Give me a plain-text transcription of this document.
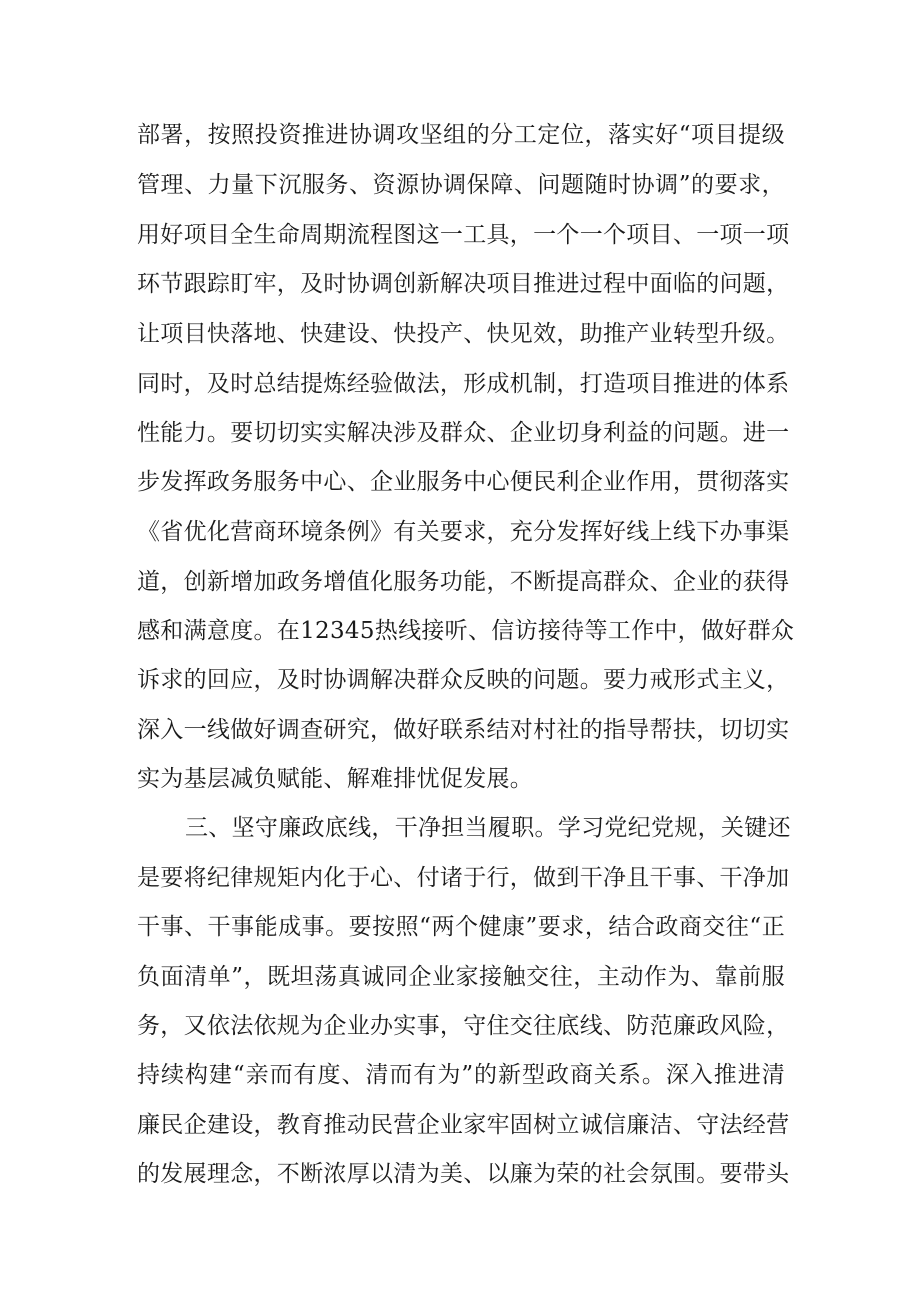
部署，按照投资推进协调攻坚组的分工定位，落实好“项目提级
管理、力量下沉服务、资源协调保障、问题随时协调”的要求，
用好项目全生命周期流程图这一工具，一个一个项目、一项一项
环节跟踪盯牢，及时协调创新解决项目推进过程中面临的问题，
让项目快落地、快建设、快投产、快见效，助推产业转型升级。
同时，及时总结提炼经验做法，形成机制，打造项目推进的体系
性能力。要切切实实解决涉及群众、企业切身利益的问题。进一
步发挥政务服务中心、企业服务中心便民利企业作用，贯彻落实
《省优化营商环境条例》有关要求，充分发挥好线上线下办事渠
道，创新增加政务增值化服务功能，不断提高群众、企业的获得
感和满意度。在12345热线接听、信访接待等工作中，做好群众
诉求的回应，及时协调解决群众反映的问题。要力戒形式主义，
深入一线做好调查研究，做好联系结对村社的指导帮扶，切切实
实为基层减负赋能、解难排忧促发展。
三、坚守廉政底线，干净担当履职。学习党纪党规，关键还
是要将纪律规矩内化于心、付诸于行，做到干净且干事、干净加
干事、干事能成事。要按照“两个健康”要求，结合政商交往“正
负面清单”，既坦荡真诚同企业家接触交往，主动作为、靠前服
务，又依法依规为企业办实事，守住交往底线、防范廉政风险，
持续构建“亲而有度、清而有为”的新型政商关系。深入推进清
廉民企建设，教育推动民营企业家牢固树立诚信廉洁、守法经营
的发展理念，不断浓厚以清为美、以廉为荣的社会氛围。要带头
